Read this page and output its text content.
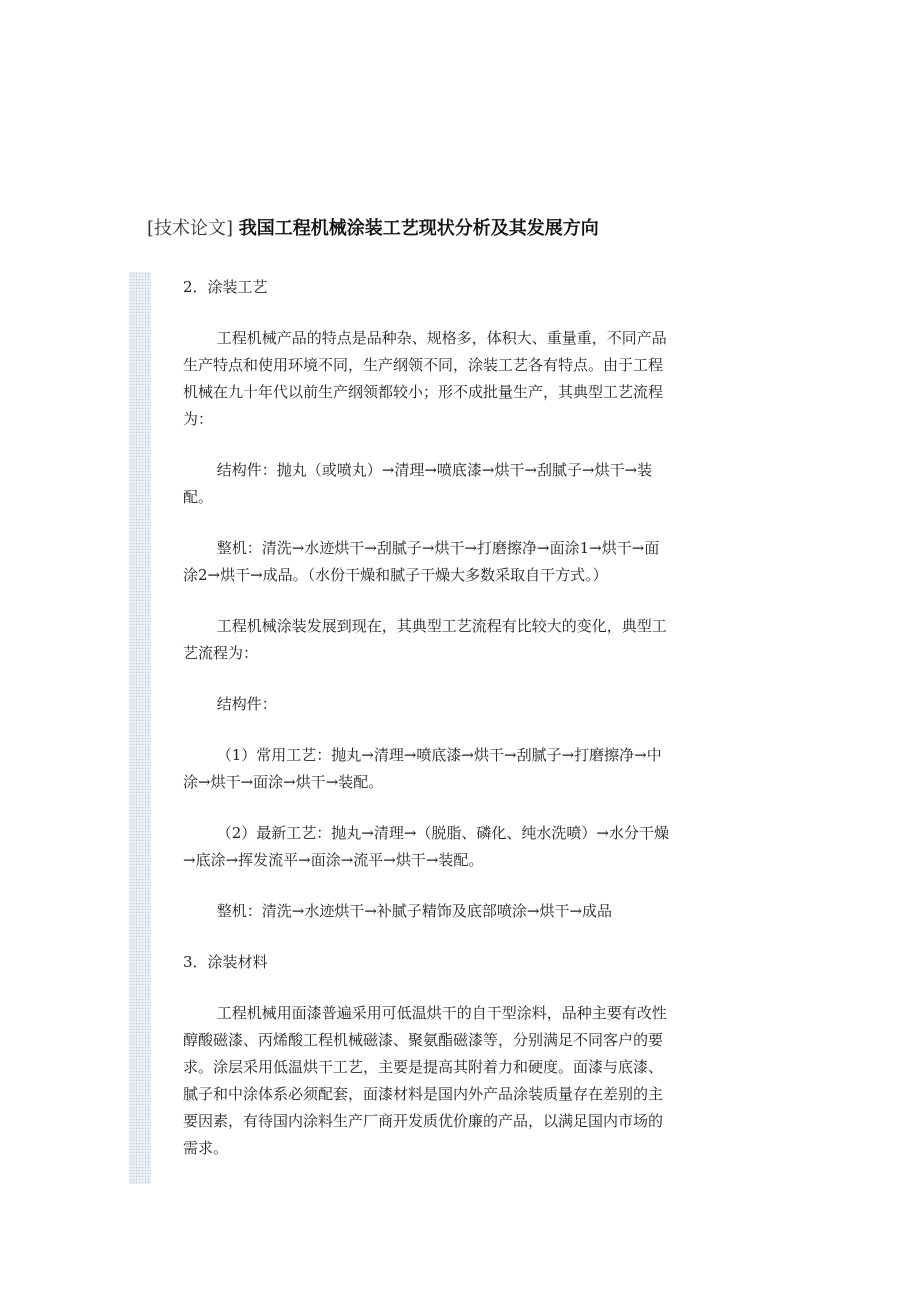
[技术论文] 我国工程机械涂装工艺现状分析及其发展方向

2．涂装工艺

工程机械产品的特点是品种杂、规格多，体积大、重量重，不同产品生产特点和使用环境不同，生产纲领不同，涂装工艺各有特点。由于工程机械在九十年代以前生产纲领都较小；形不成批量生产，其典型工艺流程为：

结构件：抛丸（或喷丸）→清理→喷底漆→烘干→刮腻子→烘干→装配。

整机：清洗→水迹烘干→刮腻子→烘干→打磨擦净→面涂1→烘干→面涂2→烘干→成品。（水份干燥和腻子干燥大多数采取自干方式。）

工程机械涂装发展到现在，其典型工艺流程有比较大的变化，典型工艺流程为：

结构件：

（1）常用工艺：抛丸→清理→喷底漆→烘干→刮腻子→打磨擦净→中涂→烘干→面涂→烘干→装配。

（2）最新工艺：抛丸→清理→（脱脂、磷化、纯水洗喷）→水分干燥→底涂→挥发流平→面涂→流平→烘干→装配。

整机：清洗→水迹烘干→补腻子精饰及底部喷涂→烘干→成品

3．涂装材料

工程机械用面漆普遍采用可低温烘干的自干型涂料，品种主要有改性醇酸磁漆、丙烯酸工程机械磁漆、聚氨酯磁漆等，分别满足不同客户的要求。涂层采用低温烘干工艺，主要是提高其附着力和硬度。面漆与底漆、腻子和中涂体系必须配套，面漆材料是国内外产品涂装质量存在差别的主要因素，有待国内涂料生产厂商开发质优价廉的产品，以满足国内市场的需求。
